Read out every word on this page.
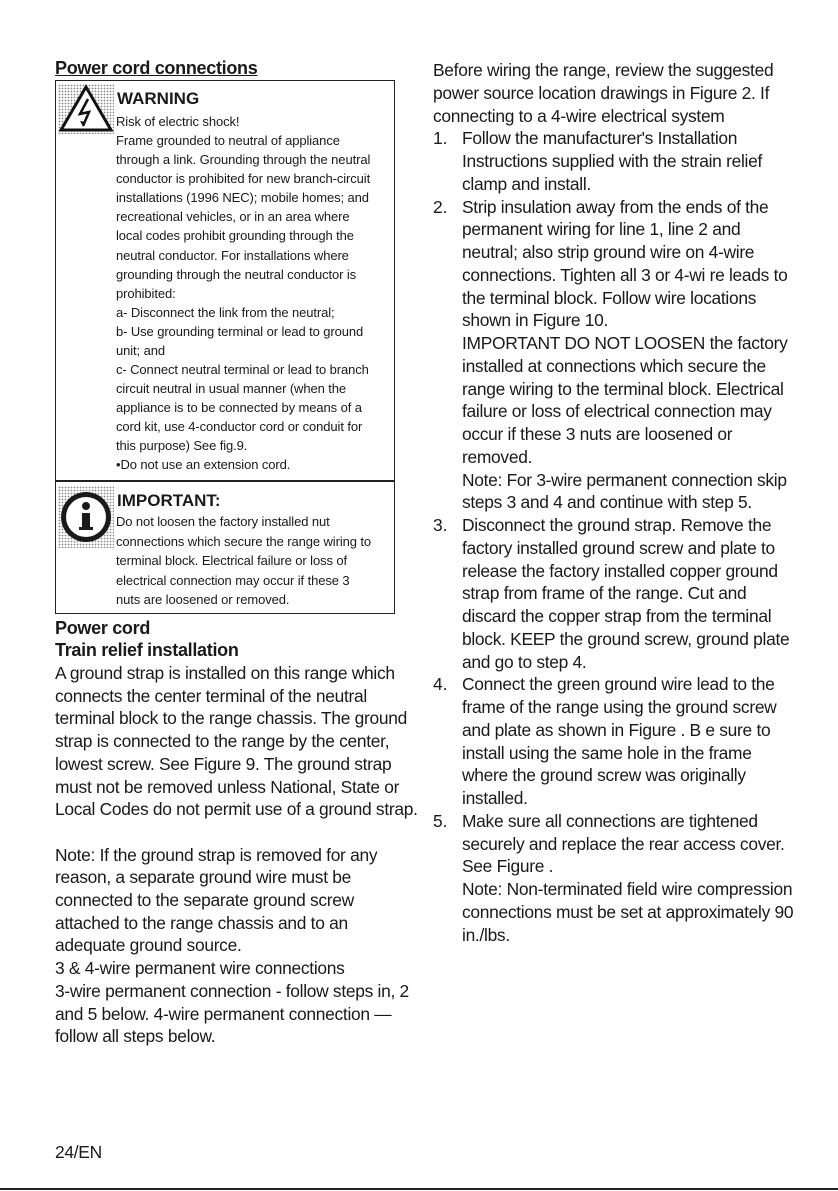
Power cord connections
WARNING
Risk of electric shock!
Frame grounded to neutral of appliance
through a link. Grounding through the neutral
conductor is prohibited for new branch-circuit
installations (1996 NEC); mobile homes; and
recreational vehicles, or in an area where
local codes prohibit grounding through the
neutral conductor. For installations where
grounding through the neutral conductor is
prohibited:
a- Disconnect the link from the neutral;
b- Use grounding terminal or lead to ground
unit; and
c- Connect neutral terminal or lead to branch
circuit neutral in usual manner (when the
appliance is to be connected by means of a
cord kit, use 4-conductor cord or conduit for
this purpose) See fig.9.
•Do not use an extension cord.
IMPORTANT:
Do not loosen the factory installed nut
connections which secure the range wiring to
terminal block. Electrical failure or loss of
electrical connection may occur if these 3
nuts are loosened or removed.
Power cord
Train relief installation
A ground strap is installed on this range which
connects the center terminal of the neutral
terminal block to the range chassis. The ground
strap is connected to the range by the center,
lowest screw. See Figure 9. The ground strap
must not be removed unless National, State or
Local Codes do not permit use of a ground strap.
Note: If the ground strap is removed for any
reason, a separate ground wire must be
connected to the separate ground screw
attached to the range chassis and to an
adequate ground source.
3 & 4-wire permanent wire connections
3-wire permanent connection - follow steps in, 2
and 5 below. 4-wire permanent connection —
follow all steps below.
Before wiring the range, review the suggested
power source location drawings in Figure 2. If
connecting to a 4-wire electrical system
1. Follow the manufacturer's Installation
Instructions supplied with the strain relief
clamp and install.
2. Strip insulation away from the ends of the
permanent wiring for line 1, line 2 and
neutral; also strip ground wire on 4-wire
connections. Tighten all 3 or 4-wi re leads to
the terminal block. Follow wire locations
shown in Figure 10.
IMPORTANT DO NOT LOOSEN the factory
installed at connections which secure the
range wiring to the terminal block. Electrical
failure or loss of electrical connection may
occur if these 3 nuts are loosened or
removed.
Note: For 3-wire permanent connection skip
steps 3 and 4 and continue with step 5.
3. Disconnect the ground strap. Remove the
factory installed ground screw and plate to
release the factory installed copper ground
strap from frame of the range. Cut and
discard the copper strap from the terminal
block. KEEP the ground screw, ground plate
and go to step 4.
4. Connect the green ground wire lead to the
frame of the range using the ground screw
and plate as shown in Figure . B e sure to
install using the same hole in the frame
where the ground screw was originally
installed.
5. Make sure all connections are tightened
securely and replace the rear access cover.
See Figure .
Note: Non-terminated field wire compression
connections must be set at approximately 90
in./lbs.
24/EN
